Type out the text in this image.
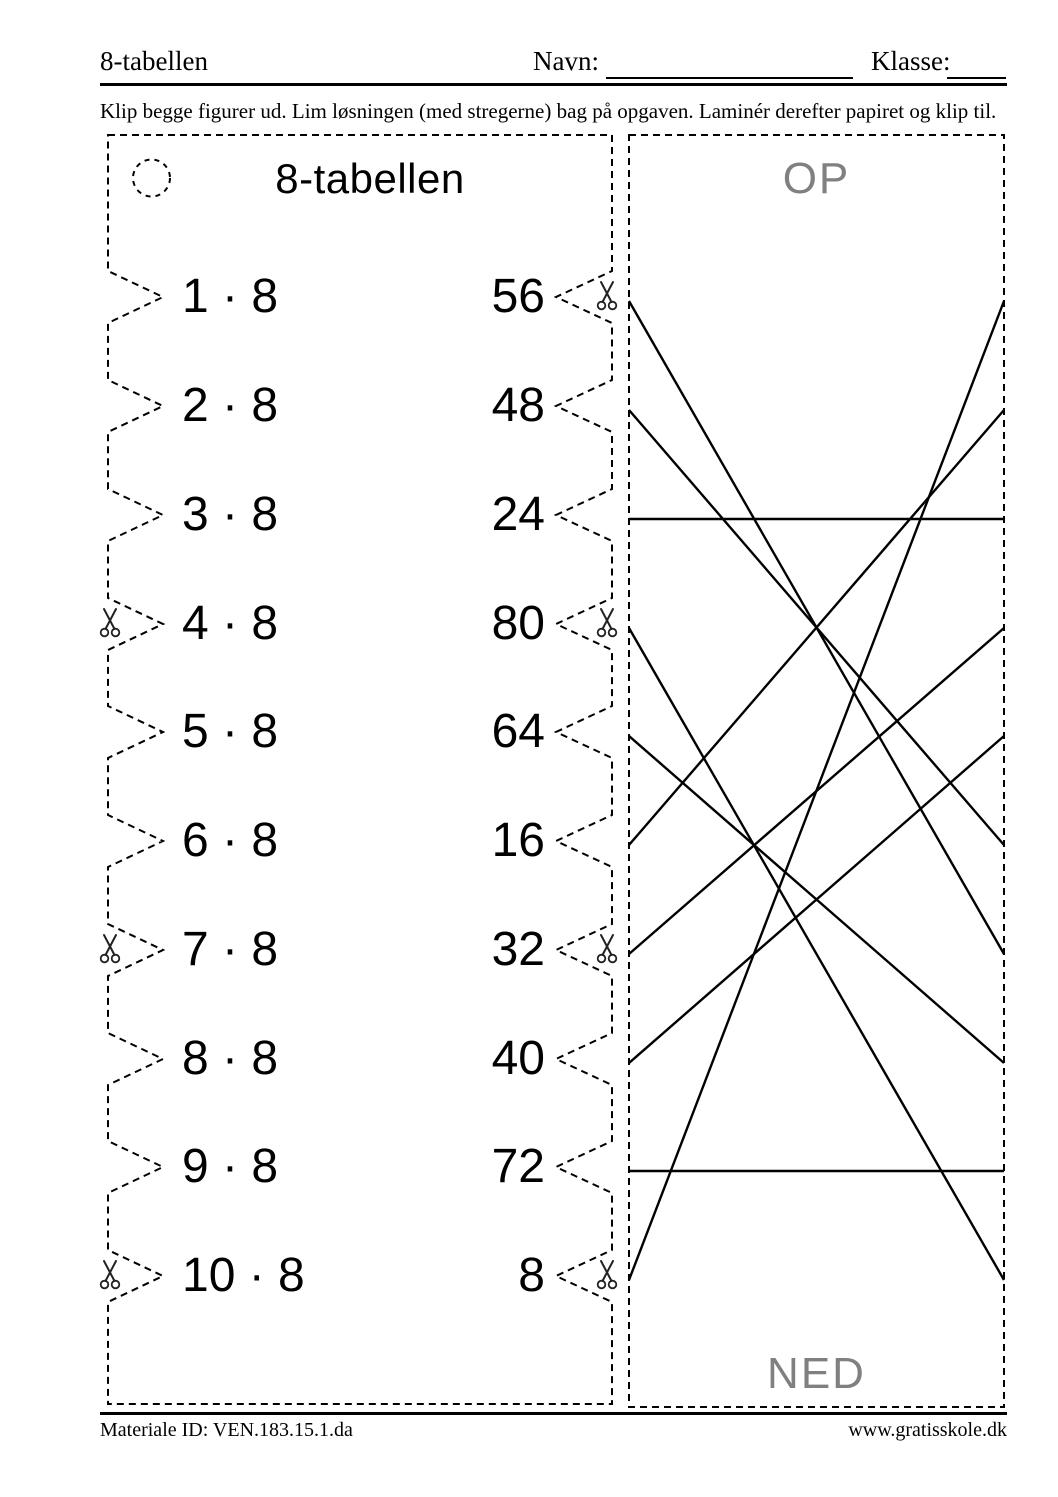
8-tabellen	Navn:	Klasse:
Klip begge figurer ud. Lim løsningen (med stregerne) bag på opgaven. Laminér derefter papiret og klip til.
8-tabellen
1 · 8	56
2 · 8	48
3 · 8	24
4 · 8	80
5 · 8	64
6 · 8	16
7 · 8	32
8 · 8	40
9 · 8	72
10 · 8	8
OP
NED
Materiale ID: VEN.183.15.1.da	www.gratisskole.dk
